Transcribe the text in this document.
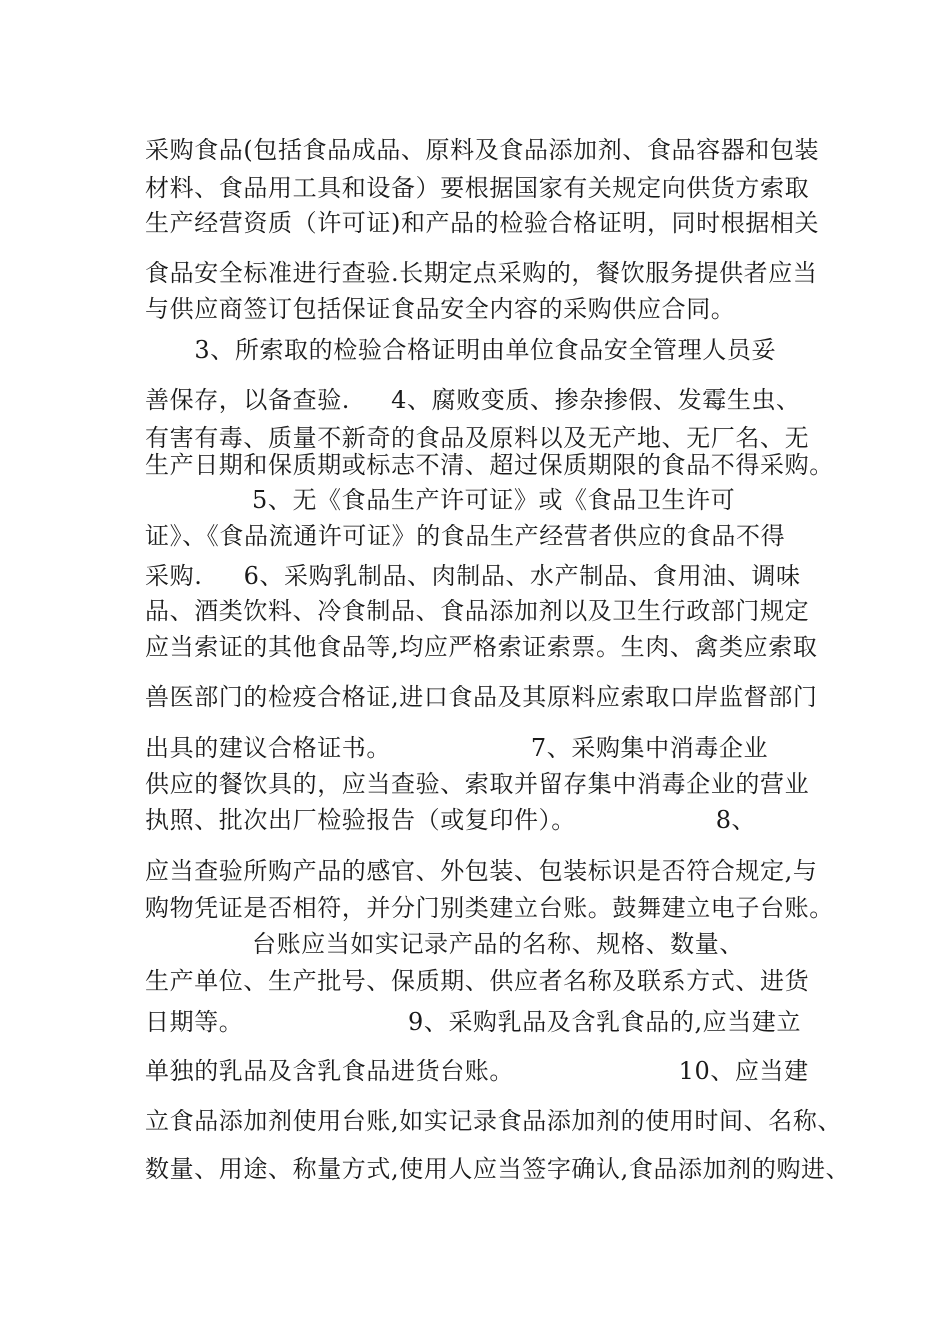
采购食品(包括食品成品、原料及食品添加剂、食品容器和包装
材料、食品用工具和设备）要根据国家有关规定向供货方索取
生产经营资质（许可证)和产品的检验合格证明，同时根据相关
食品安全标准进行查验.长期定点采购的，餐饮服务提供者应当
与供应商签订包括保证食品安全内容的采购供应合同。
3、所索取的检验合格证明由单位食品安全管理人员妥
善保存，以备查验.     4、腐败变质、掺杂掺假、发霉生虫、
有害有毒、质量不新奇的食品及原料以及无产地、无厂名、无
生产日期和保质期或标志不清、超过保质期限的食品不得采购。
5、无《食品生产许可证》或《食品卫生许可
证》、《食品流通许可证》的食品生产经营者供应的食品不得
采购.     6、采购乳制品、肉制品、水产制品、食用油、调味
品、酒类饮料、冷食制品、食品添加剂以及卫生行政部门规定
应当索证的其他食品等,均应严格索证索票。生肉、禽类应索取
兽医部门的检疫合格证,进口食品及其原料应索取口岸监督部门
出具的建议合格证书。                 7、采购集中消毒企业
供应的餐饮具的，应当查验、索取并留存集中消毒企业的营业
执照、批次出厂检验报告（或复印件）。                 8、
应当查验所购产品的感官、外包装、包装标识是否符合规定,与
购物凭证是否相符，并分门别类建立台账。鼓舞建立电子台账。
台账应当如实记录产品的名称、规格、数量、
生产单位、生产批号、保质期、供应者名称及联系方式、进货
日期等。                    9、采购乳品及含乳食品的,应当建立
单独的乳品及含乳食品进货台账。                    10、应当建
立食品添加剂使用台账,如实记录食品添加剂的使用时间、名称、
数量、用途、称量方式,使用人应当签字确认,食品添加剂的购进、
